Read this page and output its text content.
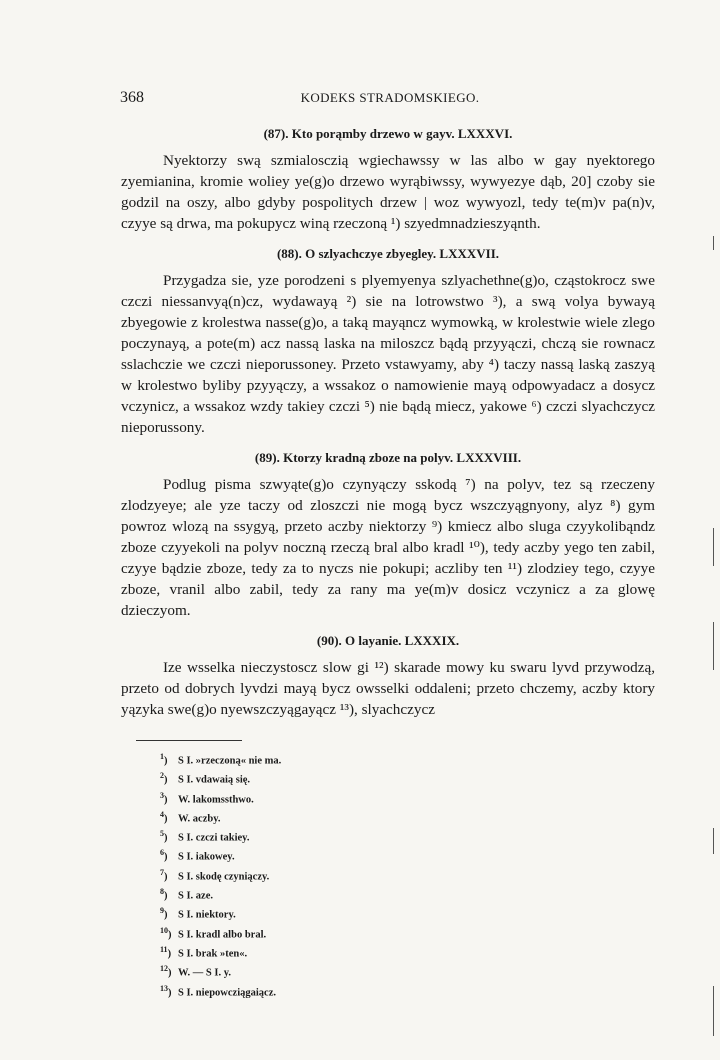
368	KODEKS STRADOMSKIEGO.
(87). Kto porąmby drzewo w gayv. LXXXVI.

Nyektorzy swą szmialosczią wgiechawssy w las albo w gay nyektorego zyemianina, kromie woliey ye(g)o drzewo wyrąbiwssy, wywyezye dąb, 20] czoby sie godzil na oszy, albo gdyby pospolitych drzew | woz wywyozl, tedy te(m)v pa(n)v, czyye są drwa, ma pokupycz winą rzeczoną ¹) szyedmnadzieszyąnth.

(88). O szlyachczye zbyegley. LXXXVII.

Przygadza sie, yze porodzeni s plyemyenya szlyachethne(g)o, cząstokrocz swe czczi niessanvyą(n)cz, wydawayą ²) sie na lotrowstwo ³), a swą volya bywayą zbyegowie z krolestwa nasse(g)o, a taką mayąncz wymowką, w krolestwie wiele zlego poczynayą, a pote(m) acz nassą laska na miloszcz bądą przyyączi, chczą sie rownacz sslachczie we czczi nieporussoney. Przeto vstawyamy, aby ⁴) taczy nassą laską zaszyą w krolestwo byliby pzyyączy, a wssakoz o namowienie mayą odpowyadacz a dosycz vczynicz, a wssakoz wzdy takiey czczi ⁵) nie bądą miecz, yakowe ⁶) czczi slyachczycz nieporussony.

(89). Ktorzy kradną zboze na polyv. LXXXVIII.

Podlug pisma szwyąte(g)o czynyączy sskodą ⁷) na polyv, tez są rzeczeny zlodzyeye; ale yze taczy od zloszczi nie mogą bycz wszczyągnyony, alyz ⁸) gym powroz wlozą na ssygyą, przeto aczby niektorzy ⁹) kmiecz albo sluga czyykolibąndz zboze czyyekoli na polyv noczną rzeczą bral albo kradl ¹⁰), tedy aczby yego ten zabil, czyye bądzie zboze, tedy za to nyczs nie pokupi; aczliby ten ¹¹) zlodziey tego, czyye zboze, vranil albo zabil, tedy za rany ma ye(m)v dosicz vczynicz a za glowę dzieczyom.

(90). O layanie. LXXXIX.

Ize wsselka nieczystoscz slow gi ¹²) skarade mowy ku swaru lyvd przywodzą, przeto od dobrych lyvdzi mayą bycz owsselki oddaleni; przeto chczemy, aczby ktory yązyka swe(g)o nyewszczyągayącz ¹³), slyachczycz

$^1$) S I. »rzeczoną« nie ma.
$^2$) S I. vdawaią się.
$^3$) W. lakomssthwo.
$^4$) W. aczby.
$^5$) S I. czczi takiey.
$^6$) S I. iakowey.
$^7$) S I. skodę czyniączy.
$^8$) S I. aze.
$^9$) S I. niektory.
$^{10}$) S I. kradl albo bral.
$^{11}$) S I. brak »ten«.
$^{12}$) W. — S I. y.
$^{13}$) S I. niepowcziągaiącz.
